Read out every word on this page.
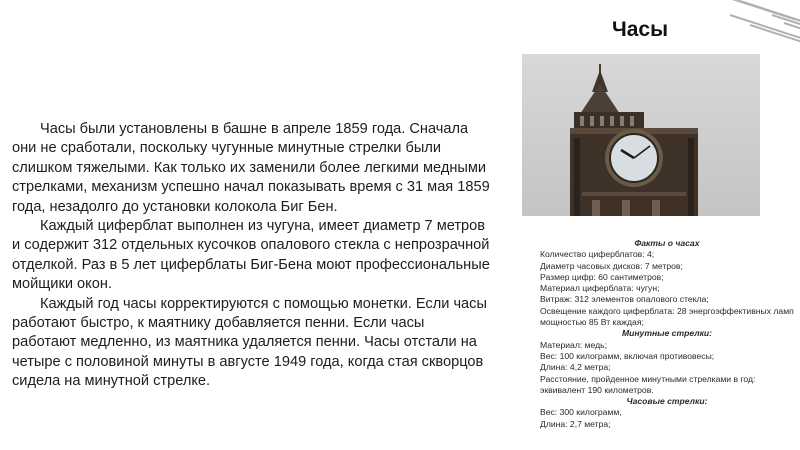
Часы

Часы были установлены в башне в апреле 1859 года. Сначала они не сработали, поскольку чугунные минутные стрелки были слишком тяжелыми. Как только их заменили более легкими медными стрелками, механизм успешно начал показывать время с 31 мая 1859 года, незадолго до установки колокола Биг Бен.

Каждый циферблат выполнен из чугуна, имеет диаметр 7 метров и содержит 312 отдельных кусочков опалового стекла с непрозрачной отделкой. Раз в 5 лет циферблаты Биг-Бена моют профессиональные мойщики окон.

Каждый год часы корректируются с помощью монетки. Если часы работают быстро, к маятнику добавляется пенни. Если часы работают медленно, из маятника удаляется пенни. Часы отстали на четыре с половиной минуты в августе 1949 года, когда стая скворцов сидела на минутной стрелке.

Факты о часах
Количество циферблатов: 4;
Диаметр часовых дисков: 7 метров;
Размер цифр: 60 сантиметров;
Материал циферблата: чугун;
Витраж: 312 элементов опалового стекла;
Освещение каждого циферблата: 28 энергоэффективных ламп мощностью 85 Вт каждая;
Минутные стрелки:
Материал: медь;
Вес: 100 килограмм, включая противовесы;
Длина: 4,2 метра;
Расстояние, пройденное минутными стрелками в год: эквивалент 190 километров.
Часовые стрелки:
Вес: 300 килограмм,
Длина: 2,7 метра;
